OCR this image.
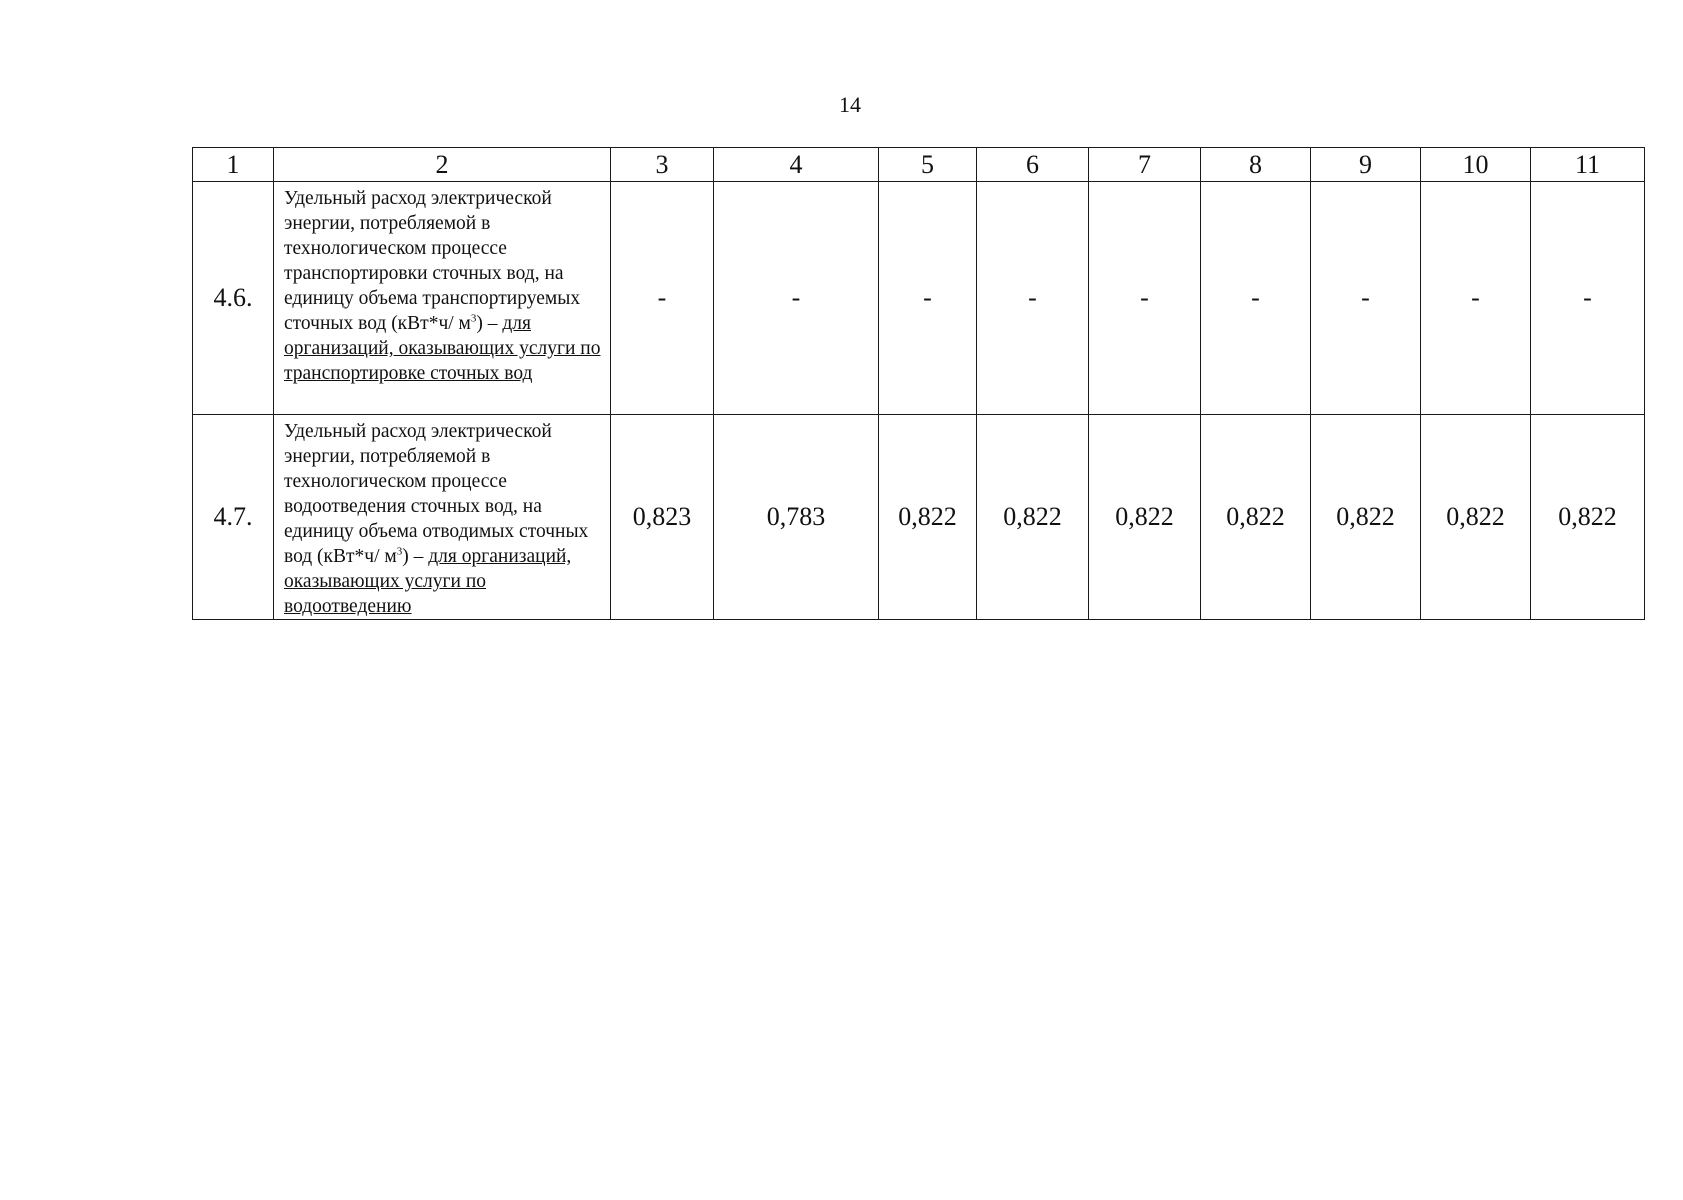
14
1	2	3	4	5	6	7	8	9	10	11
4.6.	Удельный расход электрической энергии, потребляемой в технологическом процессе транспортировки сточных вод, на единицу объема транспортируемых сточных вод (кВт*ч/ $м^3$) – для организаций, оказывающих услуги по транспортировке сточных вод	-	-	-	-	-	-	-	-	-
4.7.	Удельный расход электрической энергии, потребляемой в технологическом процессе водоотведения сточных вод, на единицу объема отводимых сточных вод (кВт*ч/ $м^3$) – для организаций, оказывающих услуги по водоотведению	0,823	0,783	0,822	0,822	0,822	0,822	0,822	0,822	0,822
